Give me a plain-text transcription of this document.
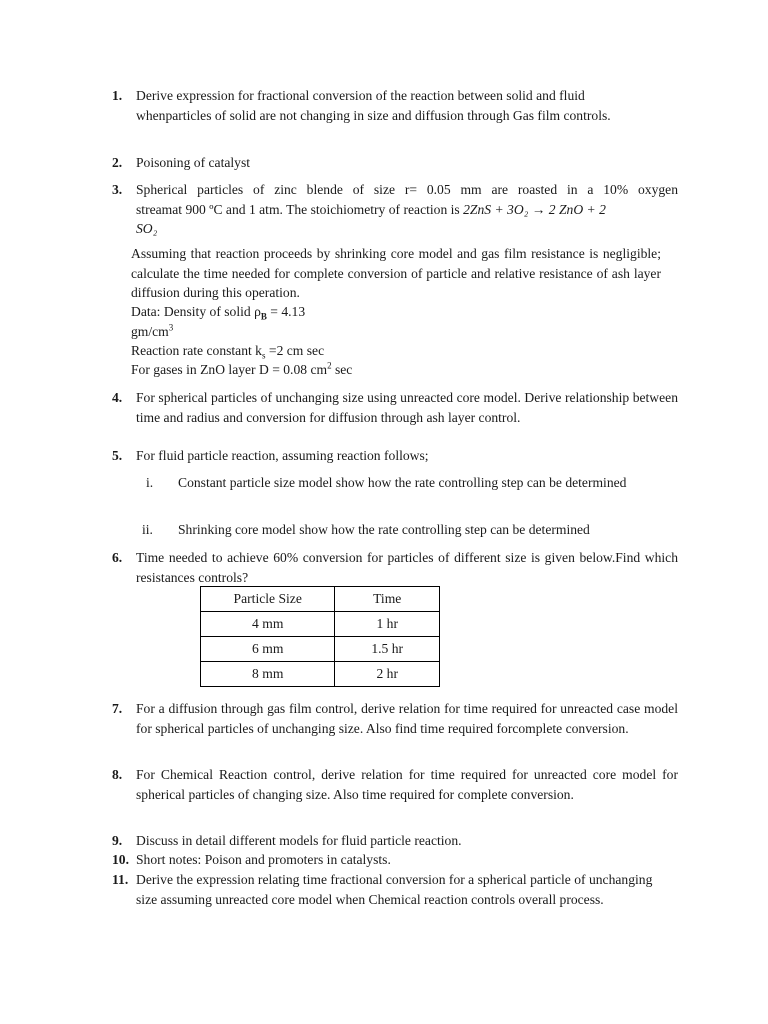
1. Derive expression for fractional conversion of the reaction between solid and fluid whenparticles of solid are not changing in size and diffusion through Gas film controls.
2. Poisoning of catalyst
3. Spherical particles of zinc blende of size r= 0.05 mm are roasted in a 10% oxygen
streamat 900 ºC and 1 atm. The stoichiometry of reaction is 2ZnS + 3O₂ → 2 ZnO + 2
SO₂
Assuming that reaction proceeds by shrinking core model and gas film resistance is negligible; calculate the time needed for complete conversion of particle and relative resistance of ash layer diffusion during this operation.
Data: Density of solid $\rho_B = 4.13$
$gm/cm^3$
Reaction rate constant $k_s =2$ cm sec
For gases in ZnO layer D = 0.08 $cm^2$ sec
4. For spherical particles of unchanging size using unreacted core model. Derive relationship between time and radius and conversion for diffusion through ash layer control.
5. For fluid particle reaction, assuming reaction follows;
i.	Constant particle size model show how the rate controlling step can be determined
ii.	Shrinking core model show how the rate controlling step can be determined
6. Time needed to achieve 60% conversion for particles of different size is given below.Find which resistances controls?
Particle Size	Time
4 mm	1 hr
6 mm	1.5 hr
8 mm	2 hr
7. For a diffusion through gas film control, derive relation for time required for unreacted case model for spherical particles of unchanging size. Also find time required forcomplete conversion.
8. For Chemical Reaction control, derive relation for time required for unreacted core model for spherical particles of changing size. Also time required for complete conversion.
9. Discuss in detail different models for fluid particle reaction.
10. Short notes: Poison and promoters in catalysts.
11. Derive the expression relating time fractional conversion for a spherical particle of unchanging size assuming unreacted core model when Chemical reaction controls overall process.
